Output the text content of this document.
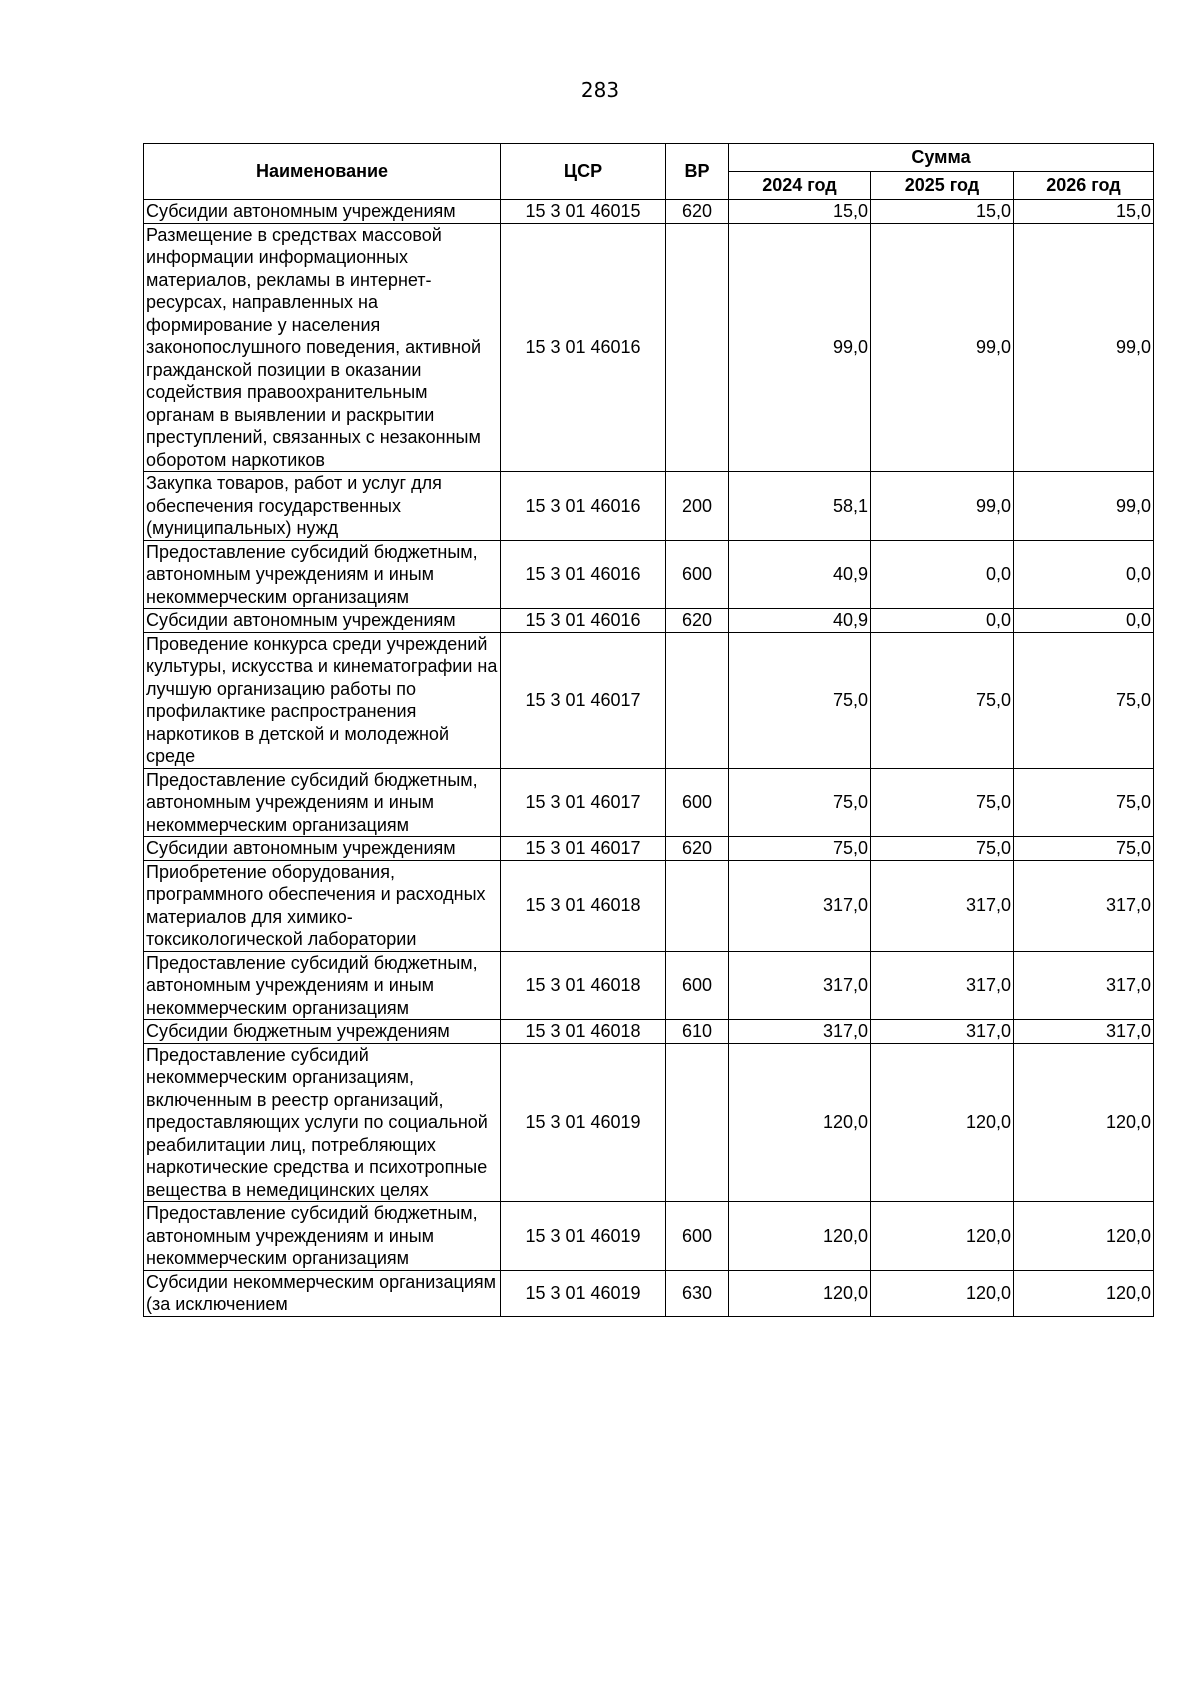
283
Наименование	ЦСР	ВР	Сумма		
			2024 год	2025 год	2026 год
Субсидии автономным учреждениям	15 3 01 46015	620	15,0	15,0	15,0
Размещение в средствах массовой информации информационных материалов, рекламы в интернет-ресурсах, направленных на формирование у населения законопослушного поведения, активной гражданской позиции в оказании содействия правоохранительным органам в выявлении и раскрытии преступлений, связанных с незаконным оборотом наркотиков	15 3 01 46016		99,0	99,0	99,0
Закупка товаров, работ и услуг для обеспечения государственных (муниципальных) нужд	15 3 01 46016	200	58,1	99,0	99,0
Предоставление субсидий бюджетным, автономным учреждениям и иным некоммерческим организациям	15 3 01 46016	600	40,9	0,0	0,0
Субсидии автономным учреждениям	15 3 01 46016	620	40,9	0,0	0,0
Проведение конкурса среди учреждений культуры, искусства и кинематографии на лучшую организацию работы по профилактике распространения наркотиков в детской и молодежной среде	15 3 01 46017		75,0	75,0	75,0
Предоставление субсидий бюджетным, автономным учреждениям и иным некоммерческим организациям	15 3 01 46017	600	75,0	75,0	75,0
Субсидии автономным учреждениям	15 3 01 46017	620	75,0	75,0	75,0
Приобретение оборудования, программного обеспечения и расходных материалов для химико-токсикологической лаборатории	15 3 01 46018		317,0	317,0	317,0
Предоставление субсидий бюджетным, автономным учреждениям и иным некоммерческим организациям	15 3 01 46018	600	317,0	317,0	317,0
Субсидии бюджетным учреждениям	15 3 01 46018	610	317,0	317,0	317,0
Предоставление субсидий некоммерческим организациям, включенным в реестр организаций, предоставляющих услуги по социальной реабилитации лиц, потребляющих наркотические средства и психотропные вещества в немедицинских целях	15 3 01 46019		120,0	120,0	120,0
Предоставление субсидий бюджетным, автономным учреждениям и иным некоммерческим организациям	15 3 01 46019	600	120,0	120,0	120,0
Субсидии некоммерческим организациям (за исключением	15 3 01 46019	630	120,0	120,0	120,0
